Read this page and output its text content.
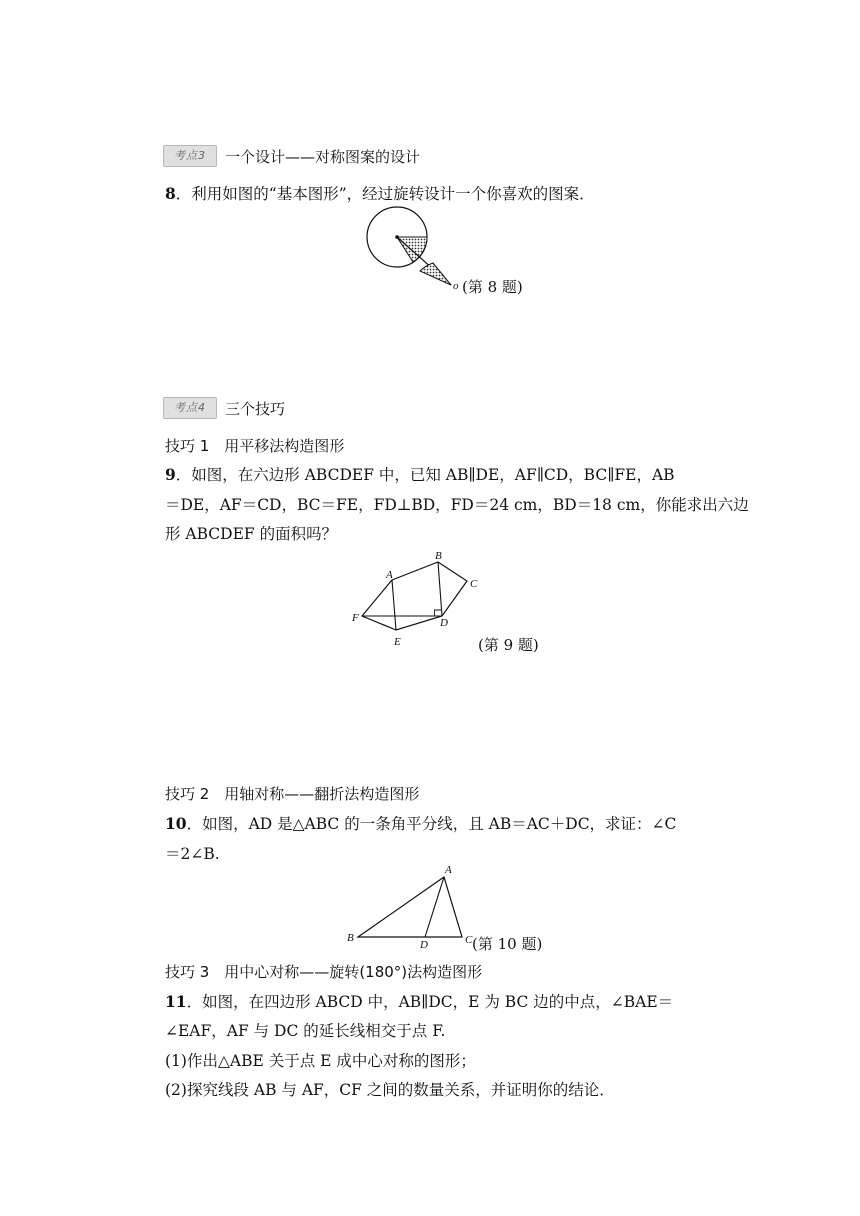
考点3	一个设计——对称图案的设计
8．利用如图的“基本图形”，经过旋转设计一个你喜欢的图案．
o (第 8 题)
考点4	三个技巧
技巧 1　用平移法构造图形
9．如图，在六边形 ABCDEF 中，已知 AB∥DE，AF∥CD，BC∥FE，AB
＝DE，AF＝CD，BC＝FE，FD⊥BD，FD＝24 cm，BD＝18 cm，你能求出六边
形 ABCDEF 的面积吗？
A
B
C
D
E
F
(第 9 题)
技巧 2　用轴对称——翻折法构造图形
10．如图，AD 是△ABC 的一条角平分线，且 AB＝AC＋DC，求证：∠C
＝2∠B.
A
B	C
D	(第 10 题)
技巧 3　用中心对称——旋转(180°)法构造图形
11．如图，在四边形 ABCD 中，AB∥DC，E 为 BC 边的中点，∠BAE＝
∠EAF，AF 与 DC 的延长线相交于点 F.
(1)作出△ABE 关于点 E 成中心对称的图形；
(2)探究线段 AB 与 AF，CF 之间的数量关系，并证明你的结论．
